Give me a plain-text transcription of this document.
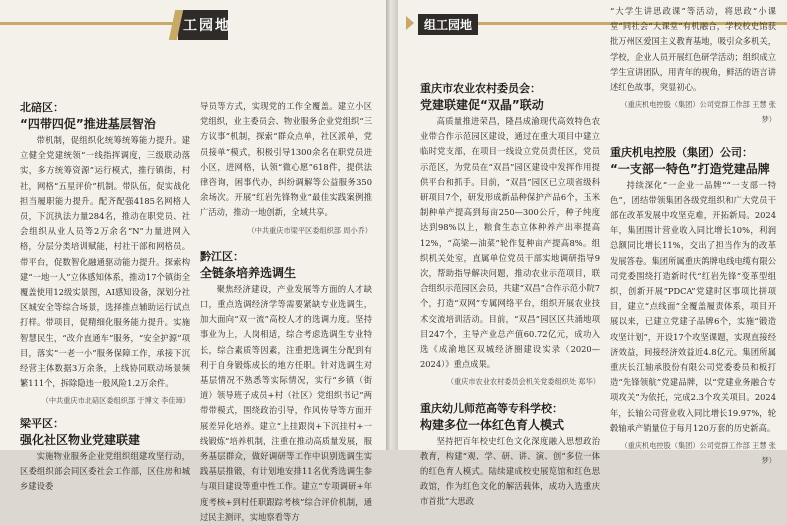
工园地
北碚区：
“四带四促”推进基层智治

带机制，促组织化统筹统筹能力提升。建立健全党建统领“一线指挥调度，三级联动落实，多方统筹资源”运行模式，推行镇街，村社，网格“五星评价”机制。带队伍，促实战化担当履职能力提升。配齐配强4185名网格人员，下沉执法力量284名，推动在职党员、社会组织从业人员等2万余名“N”力量进网入格，分层分类培训赋能，村社干部和网格员。带平台，促数智化融通驱动能力提升。探索构建“一地一人”立体感知体系，推动17个镇街全覆盖使用12级实景图，AI感知设备，深划分社区城安全等综合场景，选择推点辅助运行试点打样。带项目，促精细化服务能力提升。实施智慧民生，“改介直通车”服务，“安全护源”项目，落实“一老一小”服务保障工作，承接下沉经营主体数据3万余条，上线协同联动场景频繁111个，拆除隐违一般风险1.2万余件。

（中共重庆市北碚区委组织部 于博文 李佳璋）
梁平区：
强化社区物业党建联建

实施物业服务企业党组织组建攻坚行动，区委组织部会同区委社会工作部，区住房和城乡建设委

导员等方式，实现党的工作全覆盖。建立小区党组织，业主委员会、物业服务企业党组织“三方议事”机制，探索“群众点单，社区派单，党员接单”模式，积极引导1300余名在职党员进小区，进网格，认领“微心愿”618件，提供法律咨询，困事代办，纠纷调解等公益服务350余场次。开展“红岩先锋物业”最佳实践案例推广活动，推动一地创新，全域共享。

（中共重庆市梁平区委组织部 周小乔）
黔江区：
全链条培养选调生

聚焦经济建设，产业发展等方面的人才缺口，重点选调经济学等需要紧缺专业选调生，加大面向“双一流”高校人才的选调力度。坚持事业为上，人岗相适，综合考虑选调生专业特长，综合素质等因素，注重把选调生分配到有利于自身锻炼成长的地方任职。针对选调生对基层情况不熟悉等实际情况，实行“乡镇（街道）领导班子成员+村（社区）党组织书记”两带带模式，围绕政治引导，作风传导等方面开展差异化培养。建立“上挂跟岗+下沉挂村+一线锻炼”培养机制，注重在推动高质量发展，服务基层群众，做好调研等工作中识别选调生实践基层推锻，有计划地安排11名优秀选调生参与项目建设等重中性工作。建立“专项调研+年度考核+到村任职跟踪考核”综合评价机制，通过民主测评，实地察看等方

组工园地
重庆市农业农村委员会：
党建联建促“双晶”联动

高质量推进荣昌，隆昌成渝现代高效特色农业带合作示范园区建设，通过在重大项目中建立临时党支部，在项目一线设立党员责任区，党员示范区，为党员在“双昌”园区建设中发挥作用提供平台和抓手。目前，“双昌”园区已立项省级科研项目7个，研发形成新品种保护产品6个，玉米制种单产提高到每亩250—300公斤，种子纯度达到98%以上，粮食生态立体种养产出率提高12%，“高梁—油菜”轮作复种亩产提高8%。组织机关处室，直属单位党员干部实地调研指导9次，帮助指导解决问题，推动农业示范项目，联合组织示范园区会员，共建“双昌”合作示范小院7个，打造“双网”专属网络平台，组织开展农业技术交流培训活动。目前，“双昌”园区区共涌地项目247个，主导产业总产值60.72亿元，成功入选《成渝地区双城经济圈建设实录（2020—2024）》重点成果。

（重庆市农业农村委员会机关党委组织处 郑华）
重庆幼儿师范高等专科学校：
构建多位一体红色育人模式

坚持把百年校史红色文化深度融入思想政治教育，构建“观、学、研、讲、演、创”多位一体的红色育人模式。陆续建成校史展览馆和红色思政馆，作为红色文化的解活载体，成功入选重庆市首批“大思政

“大学生讲思政课”等活动，将思政“小课堂”同社会“大课堂”有机融合，学校校史馆获批万州区爱国主义教育基地，吸引众多机关，学校，企业人员开展红色研学活动；组织成立学生宣讲团队，用青年的视角，鲜活的语言讲述红色故事，突显初心。

（重庆机电控股（集团）公司党群工作部 王慧 张梦）
重庆机电控股（集团）公司：
“一支部一特色”打造党建品牌

持续深化“一企业一品牌”“一支部一特色”，团结带领集团各级党组织和广大党员干部在改革发展中攻坚克难，开拓新局。2024年，集团围计营业收入同比增长10%，利润总额同比增长11%，交出了担当作为的改革发展答卷。集团所属重庆鸽牌电线电缆有限公司党委围绕打造新时代“红岩先锋”变革型组织，创新开展“PDCA”党建时区事项比拼项目，建立“点线面”全覆盖履责体系，项目开展以来，已建立党建子品牌6个，实施“锻造攻坚计划”，开设17个攻坚课题，实现直接经济效益，间接经济效益近4.8亿元。集团所属重庆长江轴承股份有限公司党委委员和板打造“先锋领航”党建品牌，以“党建业务融合专项攻关”为依托，完成2.3个攻关项目。2024年，长轴公司营业收入同比增长19.97%，轮毂轴承产销量位于每月120万套的历史新高。

（重庆机电控股（集团）公司党群工作部 王慧 张梦）
